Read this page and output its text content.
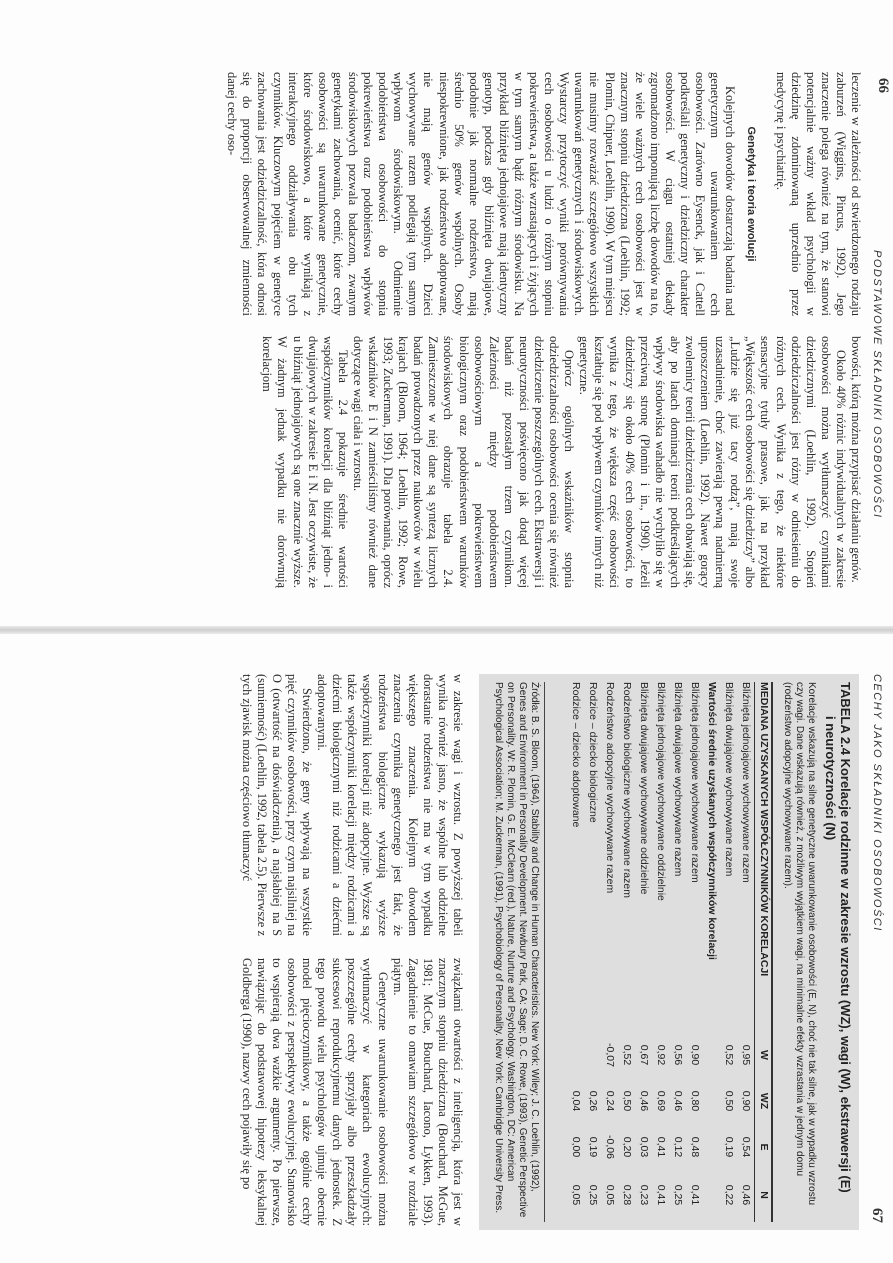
66
PODSTAWOWE SKŁADNIKI OSOBOWOŚCI

leczenie w zależności od stwierdzonego rodzaju zaburzeń (Wiggins, Pincus, 1992). Jego znaczenie polega również na tym, że stanowi potencjalnie ważny wkład psychologii w dziedzinę zdominowaną uprzednio przez medycynę i psychiatrię.

Genetyka i teoria ewolucji

Kolejnych dowodów dostarczają badania nad genetycznym uwarunkowaniem cech osobowości. Zarówno Eysenck, jak i Cattell podkreślali genetyczny i dziedziczny charakter osobowości. W ciągu ostatniej dekady zgromadzono imponującą liczbę dowodów na to, że wiele ważnych cech osobowości jest w znacznym stopniu dziedziczna (Loehlin, 1992; Plomin, Chipuer, Loehlin, 1990). W tym miejscu nie musimy rozważać szczegółowo wszystkich uwarunkowań genetycznych i środowiskowych. Wystarczy przytoczyć wyniki porównywania cech osobowości u ludzi o różnym stopniu pokrewieństwa, a także wzrastających i żyjących w tym samym bądź różnym środowisku. Na przykład bliźnięta jednojajowe mają identyczny genotyp, podczas gdy bliźnięta dwujajowe, podobnie jak normalne rodzeństwo, mają średnio 50% genów wspólnych. Osoby niespokrewnione, jak rodzeństwo adoptowane, nie mają genów wspólnych. Dzieci wychowywane razem podlegają tym samym wpływom środowiskowym. Odmiennie podobieństwa osobowości do stopnia pokrewieństwa oraz podobieństwa wpływów środowiskowych pozwala badaczom, zwanym genetykami zachowania, ocenić, które cechy osobowości są uwarunkowane genetycznie, które środowiskowo, a które wynikają z interakcyjnego oddziaływania obu tych czynników. Kluczowym pojęciem w genetyce zachowania jest odziedziczalność, która odnosi się do proporcji obserwowalnej zmienności danej cechy oso-

bowości, którą można przypisać działaniu genów.

Około 40% różnic indywidualnych w zakresie osobowości można wytłumaczyć czynnikami dziedzicznymi (Loehlin, 1992). Stopień odziedziczalności jest różny w odniesieniu do różnych cech. Wynika z tego, że niektóre sensacyjne tytuły prasowe, jak na przykład „Większość cech osobowości się dziedziczy” albo „Ludzie się już tacy rodzą”, mają swoje uzasadnienie, choć zawierają pewną nadmierną uproszczeniem (Loehlin, 1992). Nawet gorący zwolennicy teorii dziedziczenia cech obawiają się, aby po latach dominacji teorii podkreślających wpływy środowiska wahadło nie wychyliło się w przeciwną stronę (Plomin i in., 1990). Jeżeli dziedziczy się około 40% cech osobowości, to wynika z tego, że większa część osobowości kształtuje się pod wpływem czynników innych niż genetyczne.

Oprócz ogólnych wskaźników stopnia odziedziczalności osobowości ocenia się również dziedziczenie poszczególnych cech. Ekstrawersji i neurotyczności poświęcono jak dotąd więcej badań niż pozostałym trzem czynnikom. Zależności między podobieństwem osobowościowym a pokrewieństwem biologicznym oraz podobieństwem warunków środowiskowych obrazuje tabela 2.4. Zamieszczone w niej dane są syntezą licznych badań prowadzonych przez naukowców w wielu krajach (Bloom, 1964; Loehlin, 1992; Rowe, 1993; Zuckerman, 1991). Dla porównania, oprócz wskaźników E i N zamieściliśmy również dane dotyczące wagi ciała i wzrostu.

Tabela 2.4 pokazuje średnie wartości współczynników korelacji dla bliźniąt jedno- i dwujajowych w zakresie E i N. Jest oczywiste, że u bliźniąt jednojajowych są one znacznie wyższe. W żadnym jednak wypadku nie dorównują korelacjom

67
CECHY JAKO SKŁADNIKI OSOBOWOŚCI
TABELA 2.4 Korelacje rodzinne w zakresie wzrostu (WZ), wagi (W), ekstrawersji (E)
i neurotyczności (N)
Korelacje wskazują na silne genetyczne uwarunkowanie osobowości (E, N), choć nie tak silne, jak w wypadku wzrostu czy wagi. Dane wskazują również, z możliwym wyjątkiem wagi, na minimalne efekty wzrastania w jednym domu (rodzeństwo adopcyjne wychowywane razem).
MEDIANA UZYSKANYCH WSPÓŁCZYNNIKÓW KORELACJI
W
WZ
E
N
Bliźnięta jednojajowe wychowywane razem
0,95
0,90
0,54
0,46
Bliźnięta dwujajowe wychowywane razem
0,52
0,50
0,19
0,22
Wartości średnie uzyskanych współczynników korelacji
Bliźnięta jednojajowe wychowywane razem
0,90
0,80
0,48
0,41
Bliźnięta dwujajowe wychowywane razem
0,56
0,46
0,12
0,25
Bliźnięta jednojajowe wychowywane oddzielnie
0,92
0,69
0,41
0,41
Bliźnięta dwujajowe wychowywane oddzielnie
0,67
0,46
0,03
0,23
Rodzeństwo biologiczne wychowywane razem
0,52
0,50
0,20
0,28
Rodzeństwo adopcyjne wychowywane razem
-0,07
0,24
-0,06
0,05
Rodzice – dziecko biologiczne
0,26
0,19
0,25
Rodzice – dziecko adoptowane
0,04
0,00
0,05
Źródła: B. S. Bloom, (1964), Stability and Change in Human Characteristics. New York: Wiley; J. C. Loehlin, (1992), Genes and Environment in Personality Development. Newbury Park, CA: Sage; D. C. Rowe, (1993), Genetic Perspective on Personality. W: R. Plomin, G. E. McClearn (red.), Nature, Nurture and Psychology. Washington, DC: American Psychological Association; M. Zuckerman, (1991), Psychobiology of Personality. New York: Cambridge University Press.

w zakresie wagi i wzrostu. Z powyższej tabeli wynika również jasno, że wspólne lub oddzielne dorastanie rodzeństwa nie ma w tym wypadku większego znaczenia. Kolejnym dowodem znaczenia czynnika genetycznego jest fakt, że rodzeństwa biologiczne wykazują wyższe współczynniki korelacji niż adopcyjne. Wyższe są także współczynniki korelacji między rodzicami a dziećmi biologicznymi niż rodzicami a dziećmi adoptowanymi.

Stwierdzono, że geny wpływają na wszystkie pięć czynników osobowości, przy czym najsilniej na O (otwartość na doświadczenia), a najsłabiej na S (sumienność) (Loehlin, 1992, tabela 2.5). Pierwsze z tych zjawisk można częściowo tłumaczyć

związkami otwartości z inteligencją, która jest w znacznym stopniu dziedziczna (Bouchard, McGue, 1981; McCue, Bouchard, Iacono, Lykken, 1993). Zagadnienie to omawiam szczegółowo w rozdziale piątym.

Genetyczne uwarunkowanie osobowości można wytłumaczyć w kategoriach ewolucyjnych: poszczególne cechy sprzyjały albo przeszkadzały sukcesowi reprodukcyjnemu danych jednostek. Z tego powodu wielu psychologów ujmuje obecnie model pięcioczynnikowy, a także ogólnie cechy osobowości z perspektywy ewolucyjnej. Stanowisko to wspierają dwa ważkie argumenty. Po pierwsze, nawiązując do podstawowej hipotezy leksykalnej Goldberga (1990), nazwy cech pojawiły się po
